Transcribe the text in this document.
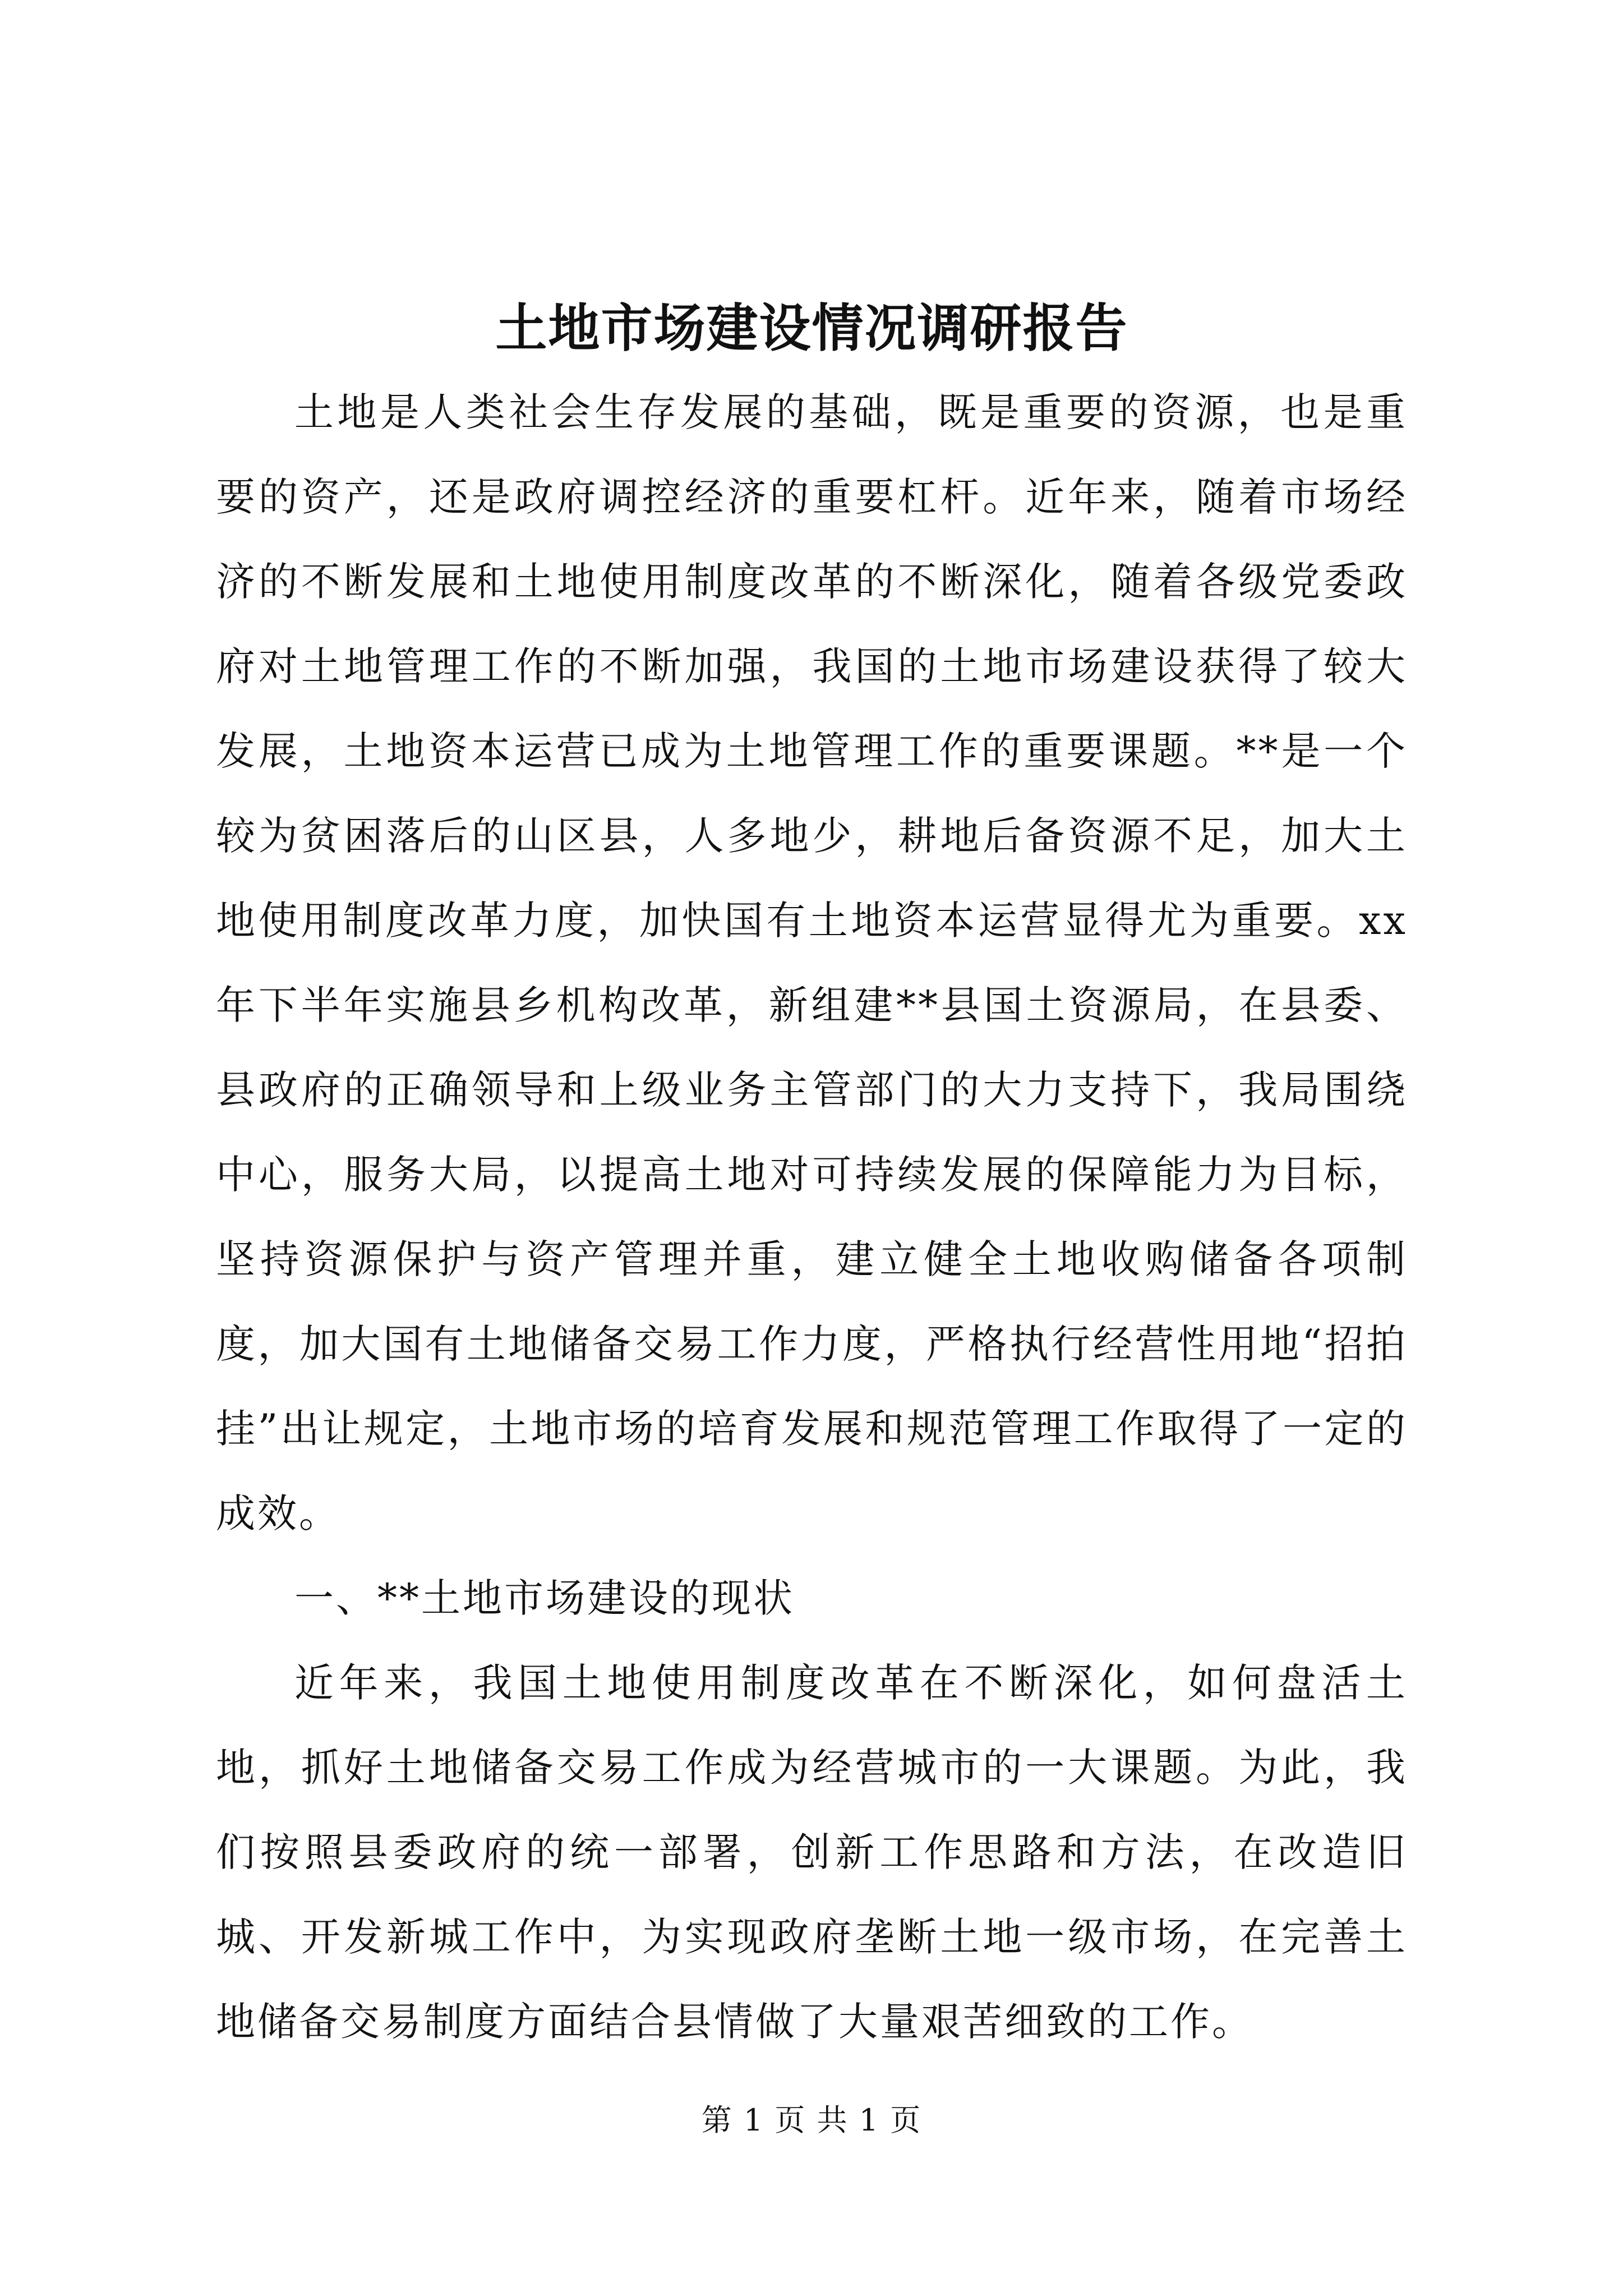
土地市场建设情况调研报告

土地是人类社会生存发展的基础，既是重要的资源，也是重要的资产，还是政府调控经济的重要杠杆。近年来，随着市场经济的不断发展和土地使用制度改革的不断深化，随着各级党委政府对土地管理工作的不断加强，我国的土地市场建设获得了较大发展，土地资本运营已成为土地管理工作的重要课题。**是一个较为贫困落后的山区县，人多地少，耕地后备资源不足，加大土地使用制度改革力度，加快国有土地资本运营显得尤为重要。xx年下半年实施县乡机构改革，新组建**县国土资源局，在县委、县政府的正确领导和上级业务主管部门的大力支持下，我局围绕中心，服务大局，以提高土地对可持续发展的保障能力为目标，坚持资源保护与资产管理并重，建立健全土地收购储备各项制度，加大国有土地储备交易工作力度，严格执行经营性用地“招拍挂”出让规定，土地市场的培育发展和规范管理工作取得了一定的成效。

一、**土地市场建设的现状

近年来，我国土地使用制度改革在不断深化，如何盘活土地，抓好土地储备交易工作成为经营城市的一大课题。为此，我们按照县委政府的统一部署，创新工作思路和方法，在改造旧城、开发新城工作中，为实现政府垄断土地一级市场，在完善土地储备交易制度方面结合县情做了大量艰苦细致的工作。

第 1 页 共 1 页
